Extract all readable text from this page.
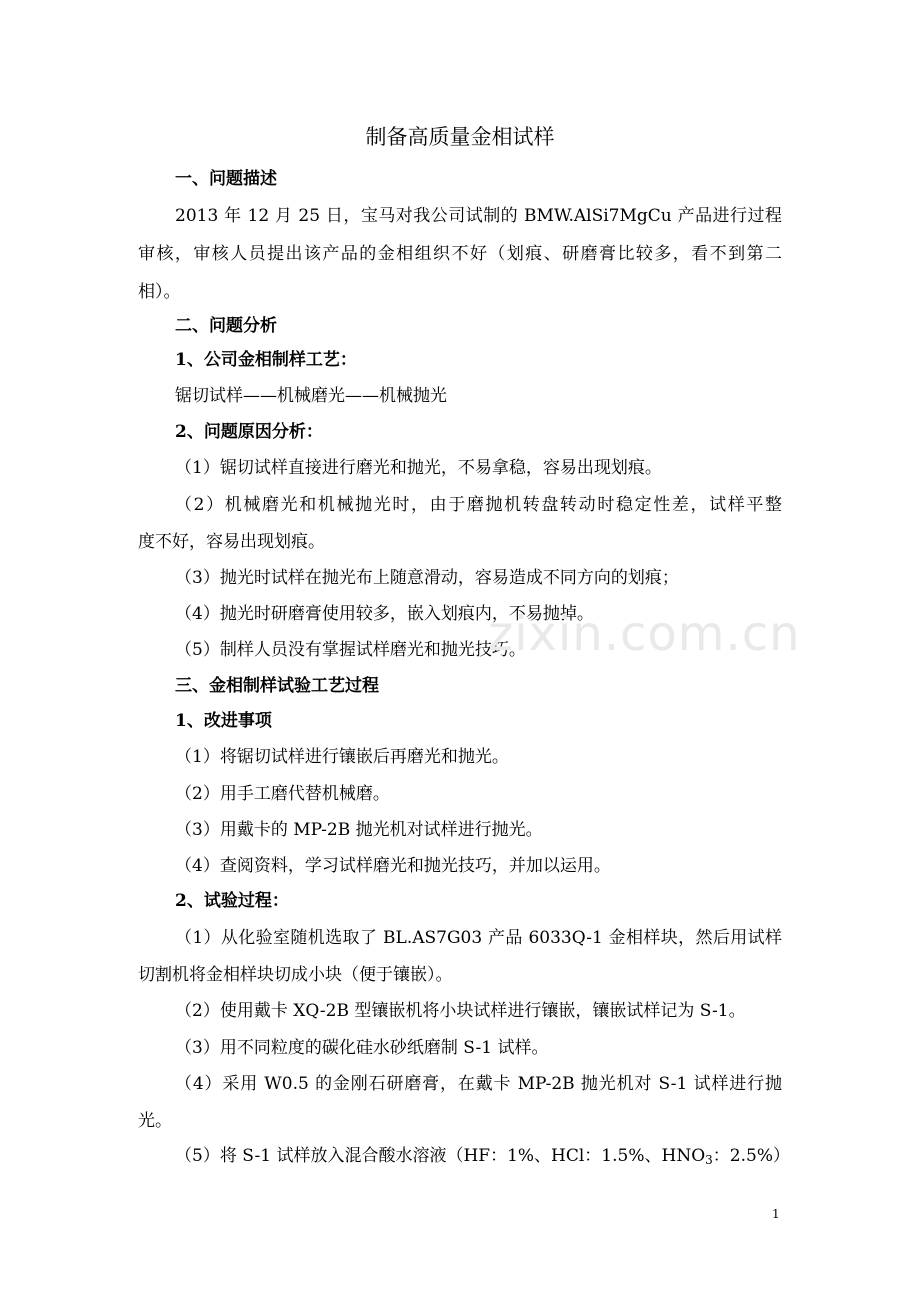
制备高质量金相试样
一、问题描述
2013 年 12 月 25 日，宝马对我公司试制的 BMW.AlSi7MgCu 产品进行过程
审核，审核人员提出该产品的金相组织不好（划痕、研磨膏比较多，看不到第二
相）。
二、问题分析
1、公司金相制样工艺：
锯切试样——机械磨光——机械抛光
2、问题原因分析：
（1）锯切试样直接进行磨光和抛光，不易拿稳，容易出现划痕。
（2）机械磨光和机械抛光时，由于磨抛机转盘转动时稳定性差，试样平整
度不好，容易出现划痕。
（3）抛光时试样在抛光布上随意滑动，容易造成不同方向的划痕；
（4）抛光时研磨膏使用较多，嵌入划痕内，不易抛掉。
（5）制样人员没有掌握试样磨光和抛光技巧。
三、金相制样试验工艺过程
1、改进事项
（1）将锯切试样进行镶嵌后再磨光和抛光。
（2）用手工磨代替机械磨。
（3）用戴卡的 MP-2B 抛光机对试样进行抛光。
（4）查阅资料，学习试样磨光和抛光技巧，并加以运用。
2、试验过程：
（1）从化验室随机选取了 BL.AS7G03 产品 6033Q-1 金相样块，然后用试样
切割机将金相样块切成小块（便于镶嵌）。
（2）使用戴卡 XQ-2B 型镶嵌机将小块试样进行镶嵌，镶嵌试样记为 S-1。
（3）用不同粒度的碳化硅水砂纸磨制 S-1 试样。
（4）采用 W0.5 的金刚石研磨膏，在戴卡 MP-2B 抛光机对 S-1 试样进行抛
光。
（5）将 S-1 试样放入混合酸水溶液（HF：1%、HCl：1.5%、$HNO_3$：2.5%）
zixin.com.cn
1
